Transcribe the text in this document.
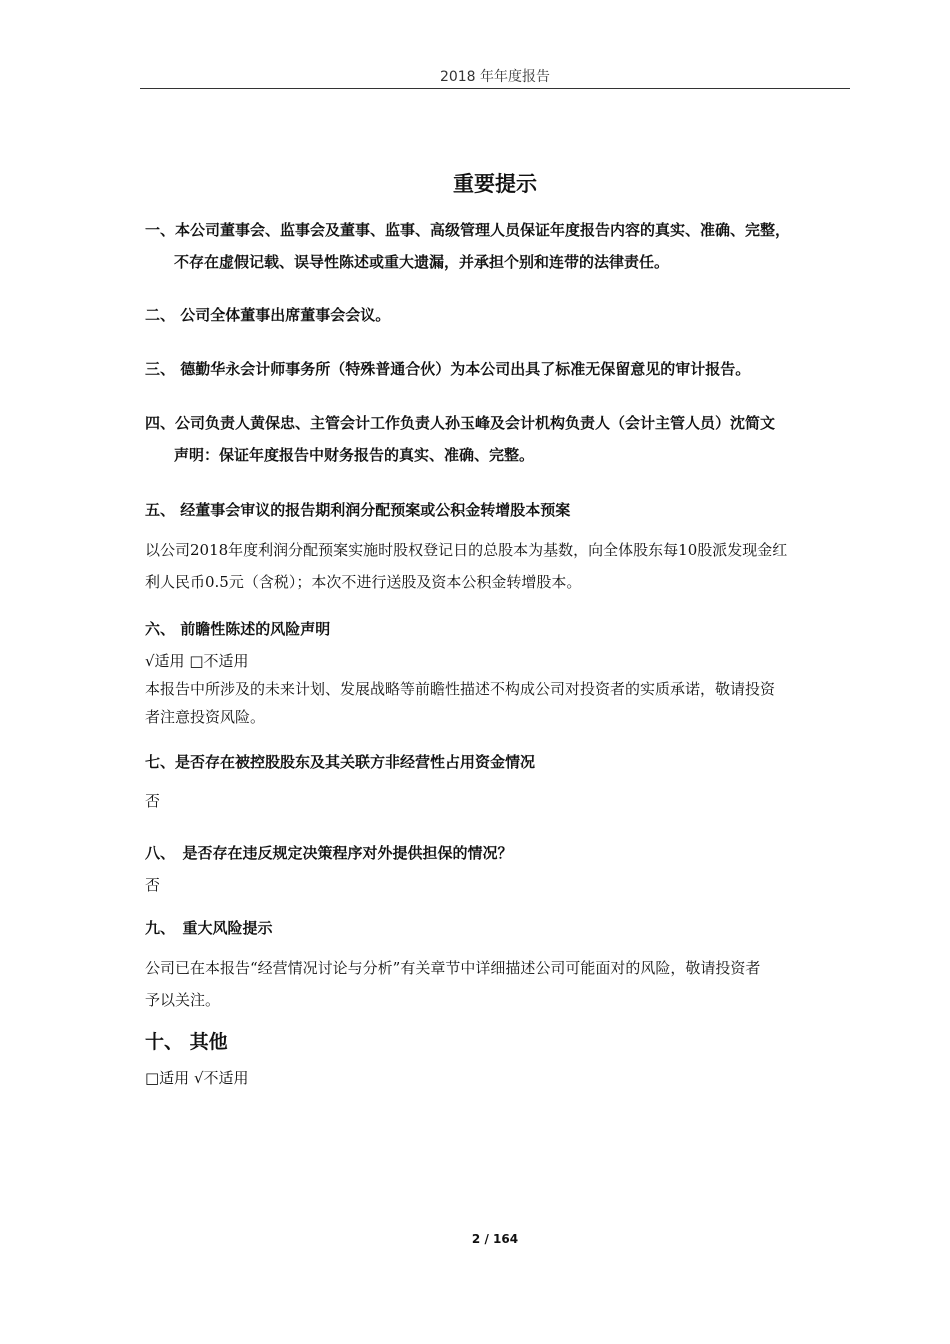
2018 年年度报告
重要提示
一、本公司董事会、监事会及董事、监事、高级管理人员保证年度报告内容的真实、准确、完整，
不存在虚假记载、误导性陈述或重大遗漏，并承担个别和连带的法律责任。
二、 公司全体董事出席董事会会议。
三、 德勤华永会计师事务所（特殊普通合伙）为本公司出具了标准无保留意见的审计报告。
四、公司负责人黄保忠、主管会计工作负责人孙玉峰及会计机构负责人（会计主管人员）沈简文
声明：保证年度报告中财务报告的真实、准确、完整。
五、 经董事会审议的报告期利润分配预案或公积金转增股本预案
以公司2018年度利润分配预案实施时股权登记日的总股本为基数，向全体股东每10股派发现金红
利人民币0.5元（含税）；本次不进行送股及资本公积金转增股本。
六、 前瞻性陈述的风险声明
√适用 □不适用
本报告中所涉及的未来计划、发展战略等前瞻性描述不构成公司对投资者的实质承诺，敬请投资
者注意投资风险。
七、是否存在被控股股东及其关联方非经营性占用资金情况
否
八、　是否存在违反规定决策程序对外提供担保的情况？
否
九、　重大风险提示
公司已在本报告“经营情况讨论与分析”有关章节中详细描述公司可能面对的风险，敬请投资者
予以关注。
十、 其他
□适用 √不适用
2 / 164
